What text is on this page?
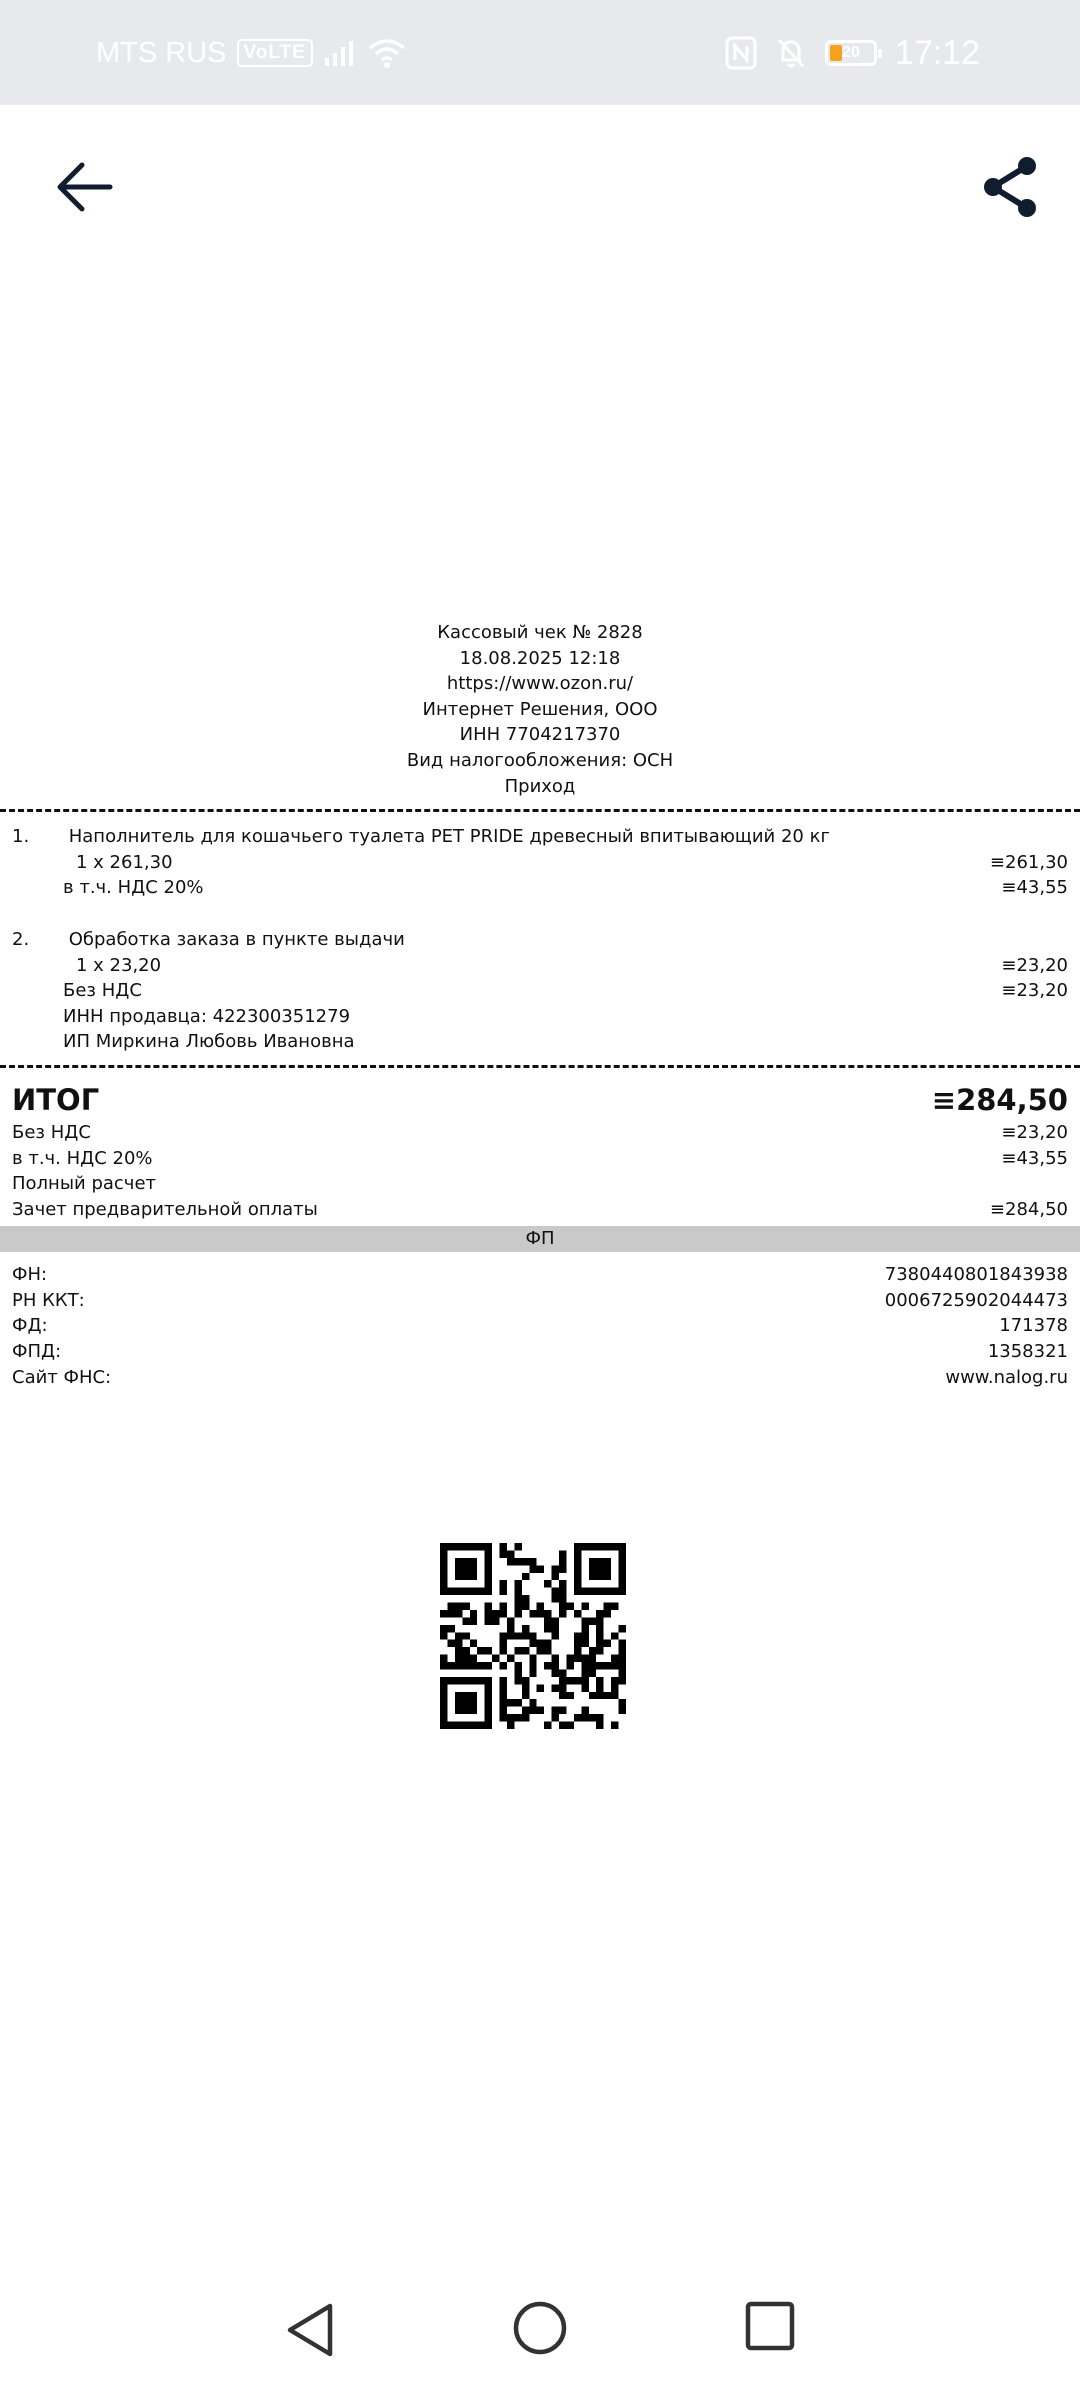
MTS RUS VoLTE	20	17:12
Кассовый чек № 2828
18.08.2025 12:18
https://www.ozon.ru/
Интернет Решения, ООО
ИНН 7704217370
Вид налогообложения: ОСН
Приход
1. Наполнитель для кошачьего туалета PET PRIDE древесный впитывающий 20 кг
1 х 261,30	≡261,30
в т.ч. НДС 20%	≡43,55
2. Обработка заказа в пункте выдачи
1 х 23,20	≡23,20
Без НДС	≡23,20
ИНН продавца: 422300351279
ИП Миркина Любовь Ивановна
ИТОГ	≡284,50
Без НДС	≡23,20
в т.ч. НДС 20%	≡43,55
Полный расчет
Зачет предварительной оплаты	≡284,50
ФП
ФН:	7380440801843938
РН ККТ:	0006725902044473
ФД:	171378
ФПД:	1358321
Сайт ФНС:	www.nalog.ru
